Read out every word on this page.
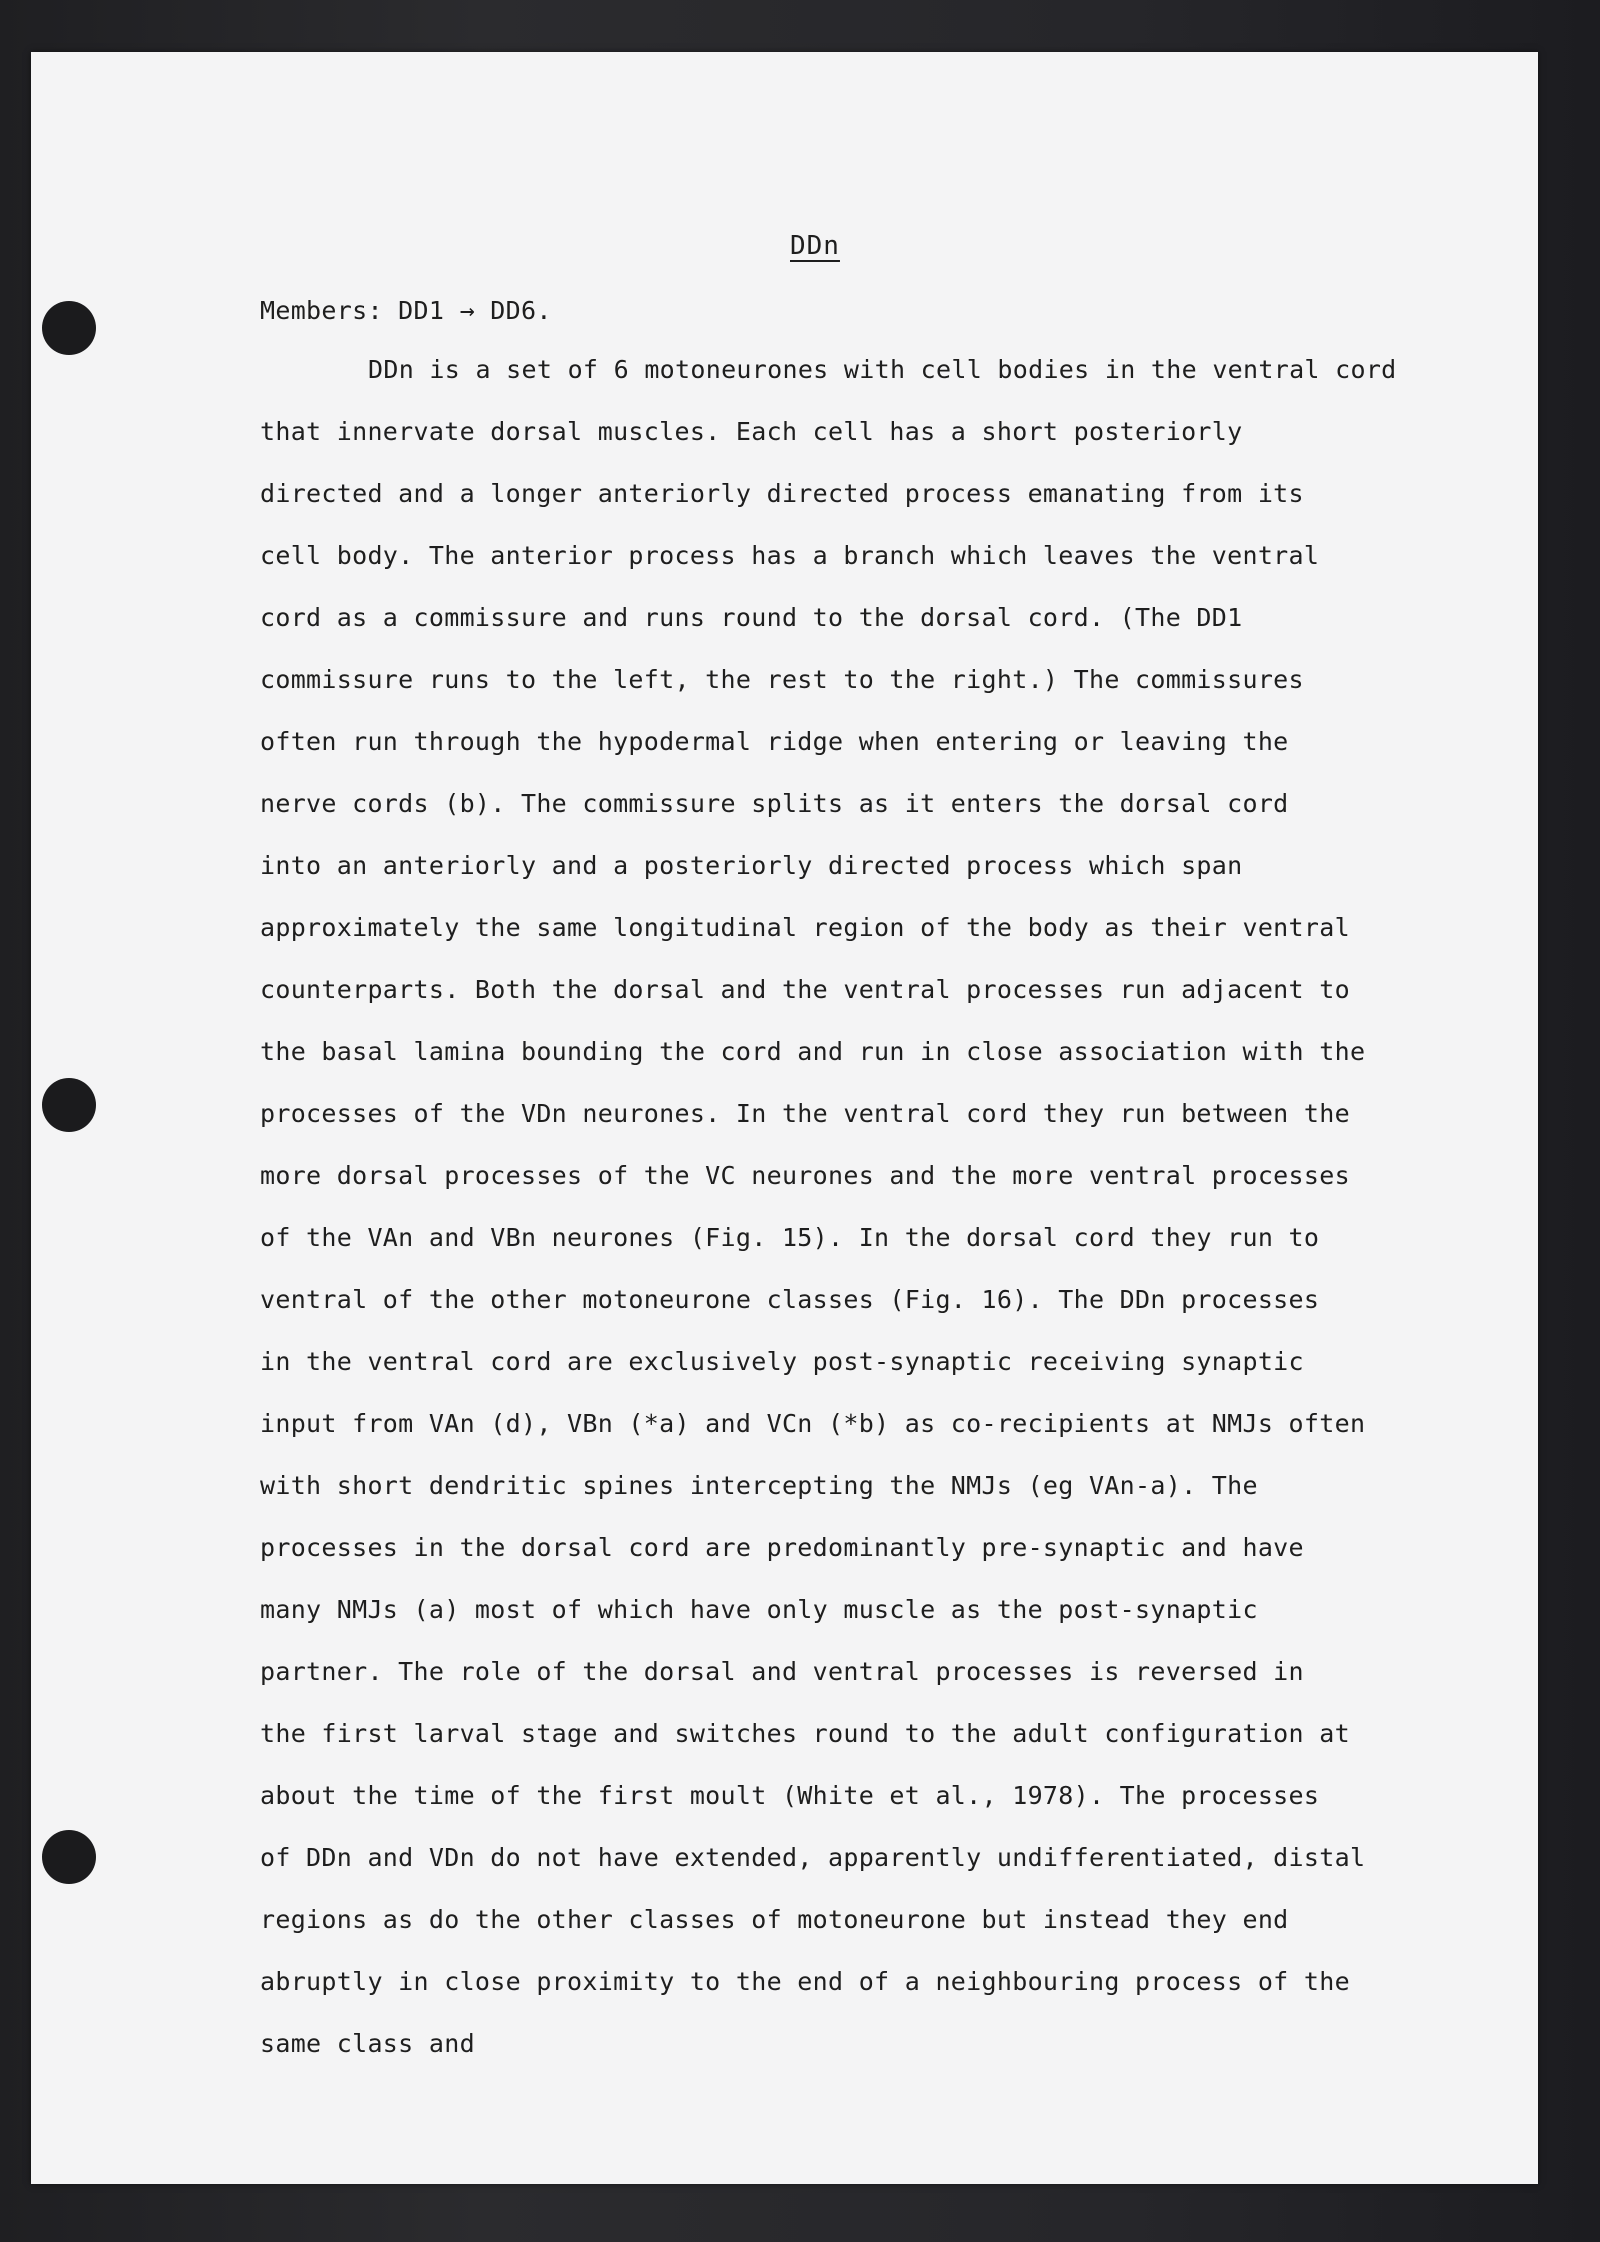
DDn
Members: DD1 → DD6.
DDn is a set of 6 motoneurones with cell bodies in the ventral cord
that innervate dorsal muscles. Each cell has a short posteriorly
directed and a longer anteriorly directed process emanating from its
cell body. The anterior process has a branch which leaves the ventral
cord as a commissure and runs round to the dorsal cord. (The DD1
commissure runs to the left, the rest to the right.) The commissures
often run through the hypodermal ridge when entering or leaving the
nerve cords (b). The commissure splits as it enters the dorsal cord
into an anteriorly and a posteriorly directed process which span
approximately the same longitudinal region of the body as their ventral
counterparts. Both the dorsal and the ventral processes run adjacent to
the basal lamina bounding the cord and run in close association with the
processes of the VDn neurones. In the ventral cord they run between the
more dorsal processes of the VC neurones and the more ventral processes
of the VAn and VBn neurones (Fig. 15). In the dorsal cord they run to
ventral of the other motoneurone classes (Fig. 16). The DDn processes
in the ventral cord are exclusively post-synaptic receiving synaptic
input from VAn (d), VBn (*a) and VCn (*b) as co-recipients at NMJs often
with short dendritic spines intercepting the NMJs (eg VAn-a). The
processes in the dorsal cord are predominantly pre-synaptic and have
many NMJs (a) most of which have only muscle as the post-synaptic
partner. The role of the dorsal and ventral processes is reversed in
the first larval stage and switches round to the adult configuration at
about the time of the first moult (White et al., 1978). The processes
of DDn and VDn do not have extended, apparently undifferentiated, distal
regions as do the other classes of motoneurone but instead they end
abruptly in close proximity to the end of a neighbouring process of the
same class and
